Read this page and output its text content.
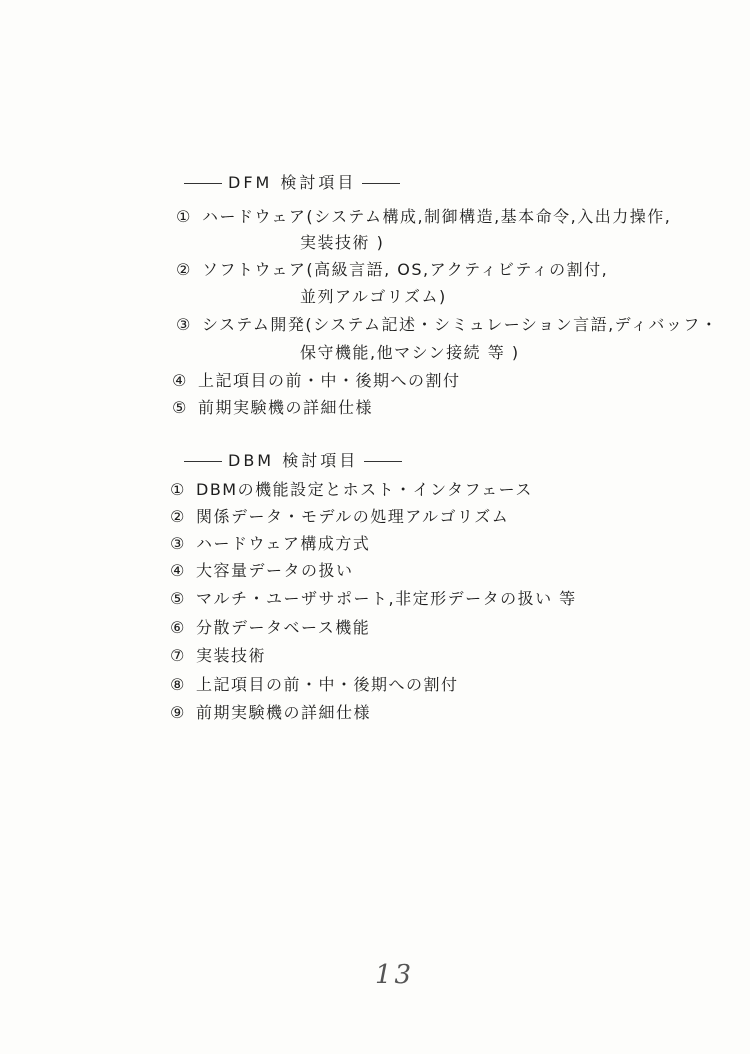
DFM 検討項目
① ハードウェア(システム構成,制御構造,基本命令,入出力操作,
実装技術 )
② ソフトウェア(高級言語, OS,アクティビティの割付,
並列アルゴリズム)
③ システム開発(システム記述・シミュレーション言語,ディバッフ・
保守機能,他マシン接続 等 )
④ 上記項目の前・中・後期への割付
⑤ 前期実験機の詳細仕様
DBM 検討項目
① DBMの機能設定とホスト・インタフェース
② 関係データ・モデルの処理アルゴリズム
③ ハードウェア構成方式
④ 大容量データの扱い
⑤ マルチ・ユーザサポート,非定形データの扱い 等
⑥ 分散データベース機能
⑦ 実装技術
⑧ 上記項目の前・中・後期への割付
⑨ 前期実験機の詳細仕様
13
